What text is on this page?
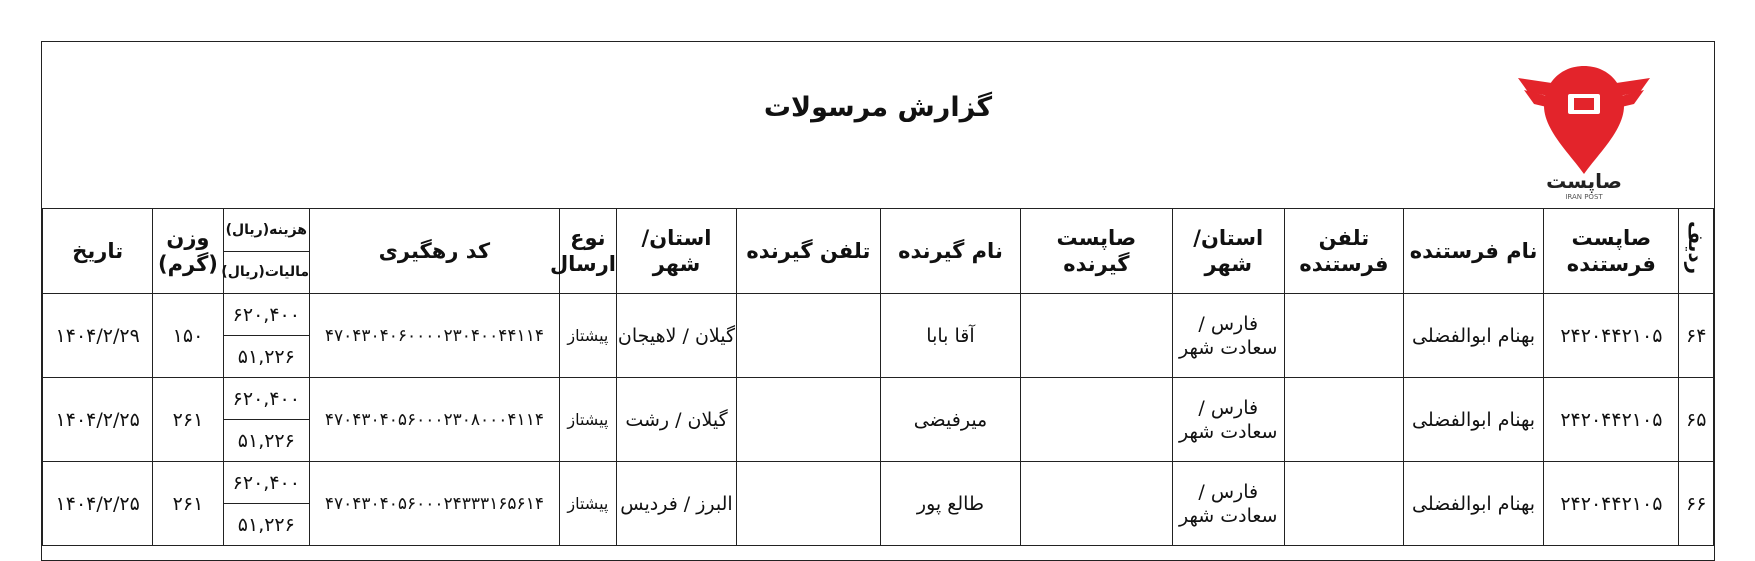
گزارش مرسولات
صاپست
IRAN POST
ردیف	صاپست فرستنده	نام فرستنده	تلفن فرستنده	استان/ شهر	صاپست گیرنده	نام گیرنده	تلفن گیرنده	استان/ شهر	نوع ارسال	کد رهگیری	هزینه(ریال)	وزن (گرم)	تاریخ
											مالیات(ریال)		
۶۴	۲۴۲۰۴۴۲۱۰۵	بهنام ابوالفضلی		فارس / سعادت شهر		آقا بابا		گیلان / لاهیجان	پیشتاز	۴۷۰۴۳۰۴۰۶۰۰۰۰۲۳۰۴۰۰۴۴۱۱۴	۶۲۰,۴۰۰	۱۵۰	۱۴۰۴/۲/۲۹
											۵۱,۲۲۶		
۶۵	۲۴۲۰۴۴۲۱۰۵	بهنام ابوالفضلی		فارس / سعادت شهر		میرفیضی		گیلان / رشت	پیشتاز	۴۷۰۴۳۰۴۰۵۶۰۰۰۲۳۰۸۰۰۰۴۱۱۴	۶۲۰,۴۰۰	۲۶۱	۱۴۰۴/۲/۲۵
											۵۱,۲۲۶		
۶۶	۲۴۲۰۴۴۲۱۰۵	بهنام ابوالفضلی		فارس / سعادت شهر		طالع پور		البرز / فردیس	پیشتاز	۴۷۰۴۳۰۴۰۵۶۰۰۰۲۴۳۳۳۱۶۵۶۱۴	۶۲۰,۴۰۰	۲۶۱	۱۴۰۴/۲/۲۵
											۵۱,۲۲۶		
